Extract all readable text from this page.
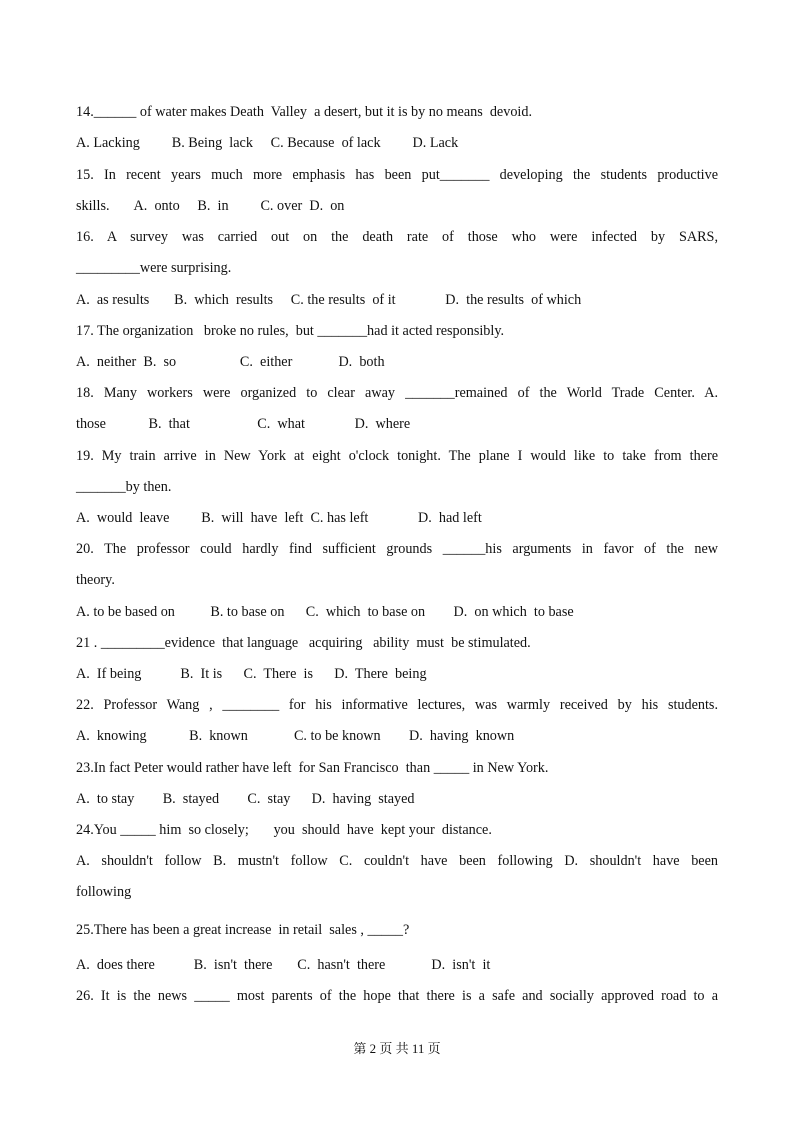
14.______ of water makes Death  Valley  a desert, but it is by no means  devoid.
A. Lacking         B. Being  lack     C. Because  of lack         D. Lack
15. In recent years much more emphasis has been put_______ developing the students productive
skills.       A.  onto     B.  in         C. over  D.  on
16. A survey was carried out on the death rate of those who were infected by SARS,
_________were surprising.
A.  as results       B.  which  results     C. the results  of it              D.  the results  of which
17. The organization   broke no rules,  but _______had it acted responsibly.
A.  neither  B.  so                  C.  either             D.  both
18. Many workers were organized to clear away _______remained of the World Trade Center. A.
those            B.  that                   C.  what              D.  where
19. My train arrive in New York at eight o'clock tonight. The plane I would like to take from there
_______by then.
A.  would  leave         B.  will  have  left  C. has left              D.  had left
20. The professor could hardly find sufficient grounds ______his arguments in favor of the new
theory.
A. to be based on          B. to base on      C.  which  to base on        D.  on which  to base
21 . _________evidence  that language   acquiring   ability  must  be stimulated.
A.  If being           B.  It is      C.  There  is      D.  There  being
22. Professor Wang , ________ for his informative lectures, was warmly received by his students.
A.  knowing            B.  known             C. to be known        D.  having  known
23.In fact Peter would rather have left  for San Francisco  than _____ in New York.
A.  to stay        B.  stayed        C.  stay      D.  having  stayed
24.You _____ him  so closely;       you  should  have  kept your  distance.
A. shouldn't follow B. mustn't follow C. couldn't have been following D. shouldn't have been
following
25.There has been a great increase  in retail  sales , _____?
A.  does there           B.  isn't  there       C.  hasn't  there             D.  isn't  it
26. It is the news _____ most parents of the hope that there is a safe and socially approved road to a
第 2 页 共 11 页
